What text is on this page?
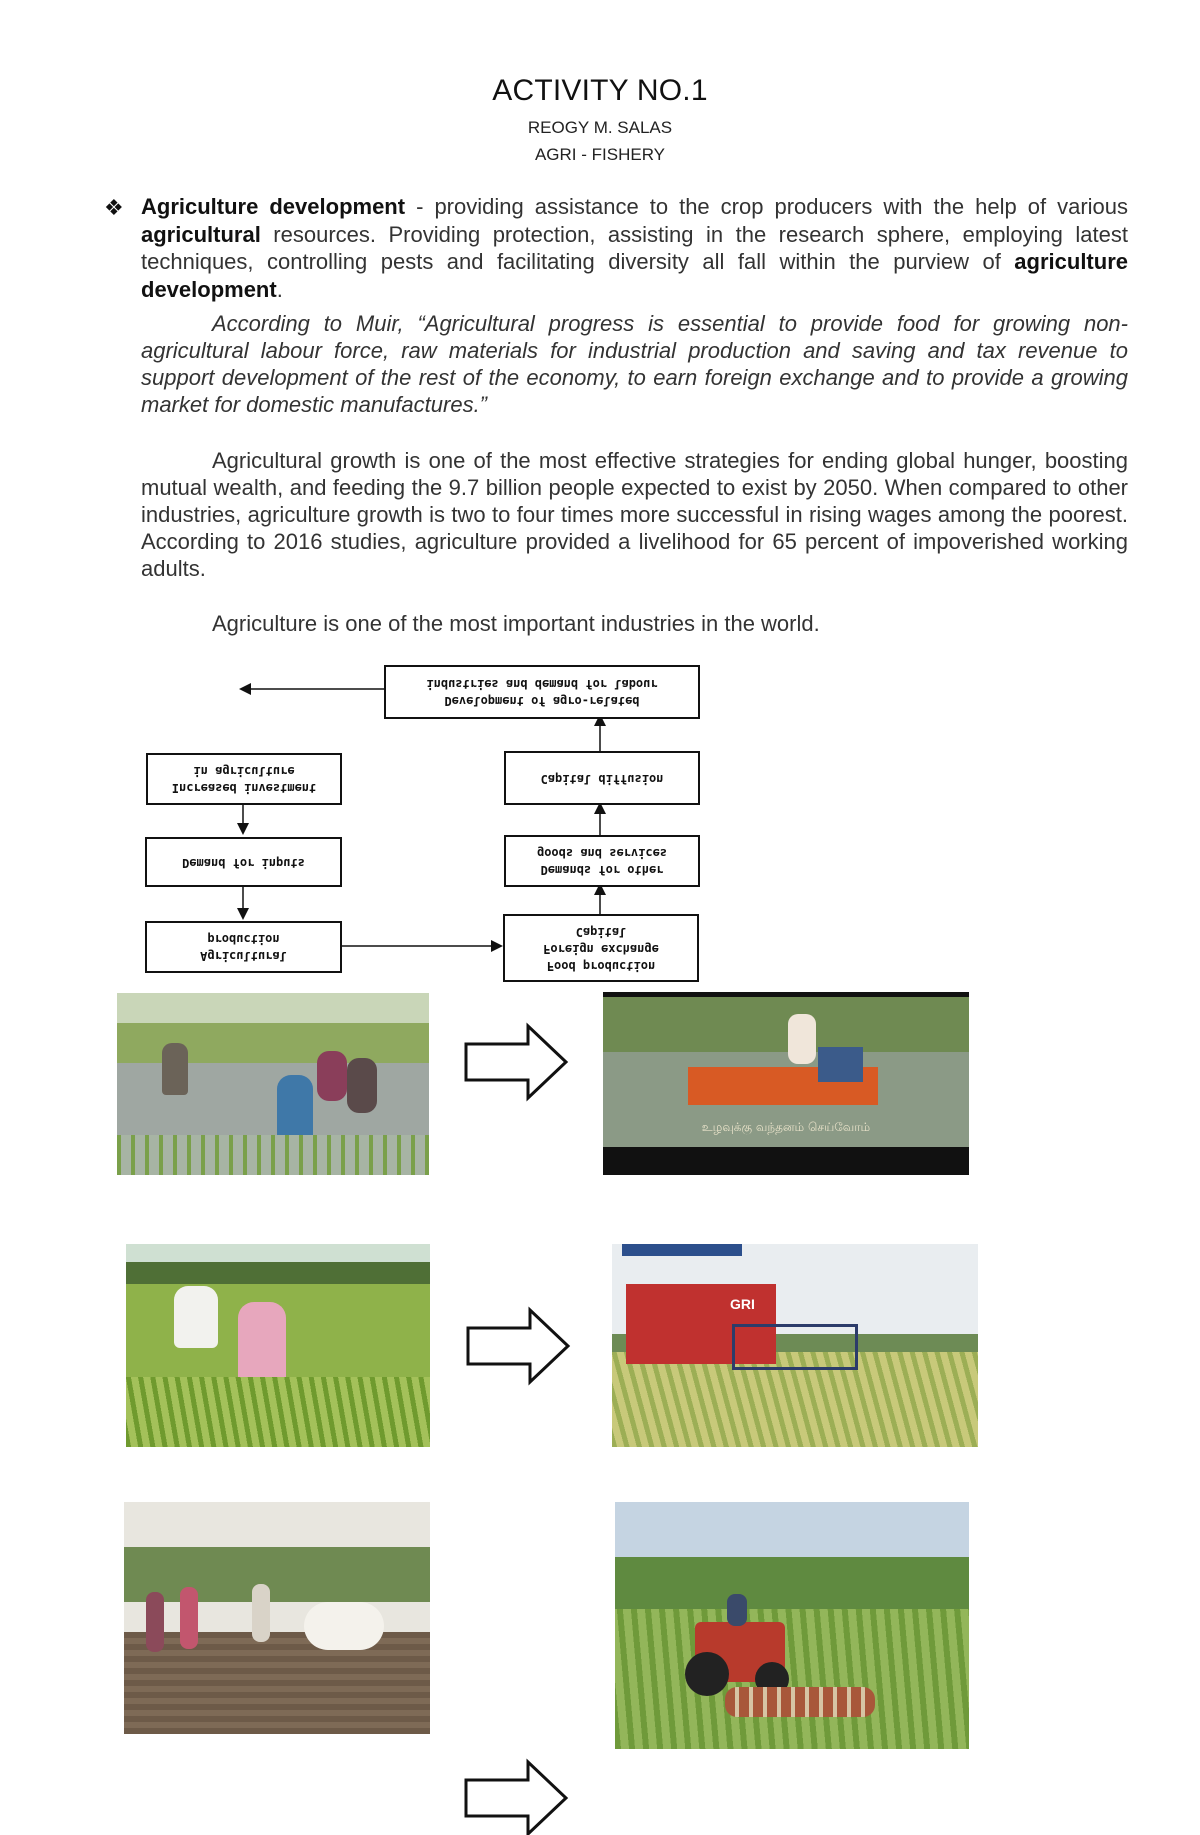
ACTIVITY NO.1
REOGY M. SALAS
AGRI - FISHERY
❖ Agriculture development - providing assistance to the crop producers with the help of various agricultural resources. Providing protection, assisting in the research sphere, employing latest techniques, controlling pests and facilitating diversity all fall within the purview of agriculture development.
According to Muir, “Agricultural progress is essential to provide food for growing non-agricultural labour force, raw materials for industrial production and saving and tax revenue to support development of the rest of the economy, to earn foreign exchange and to provide a growing market for domestic manufactures.”
Agricultural growth is one of the most effective strategies for ending global hunger, boosting mutual wealth, and feeding the 9.7 billion people expected to exist by 2050. When compared to other industries, agriculture growth is two to four times more successful in rising wages among the poorest. According to 2016 studies, agriculture provided a livelihood for 65 percent of impoverished working adults.
Agriculture is one of the most important industries in the world.
Development of agro-related
industries and demand for labour
Capital diffusion
Demands for other
goods and services
Food production
Foreign exchange
Capital
Increased investment
in agriculture
Demand for inputs
Agricultural
production
உழவுக்கு வந்தனம் செய்வோம்
GRI
